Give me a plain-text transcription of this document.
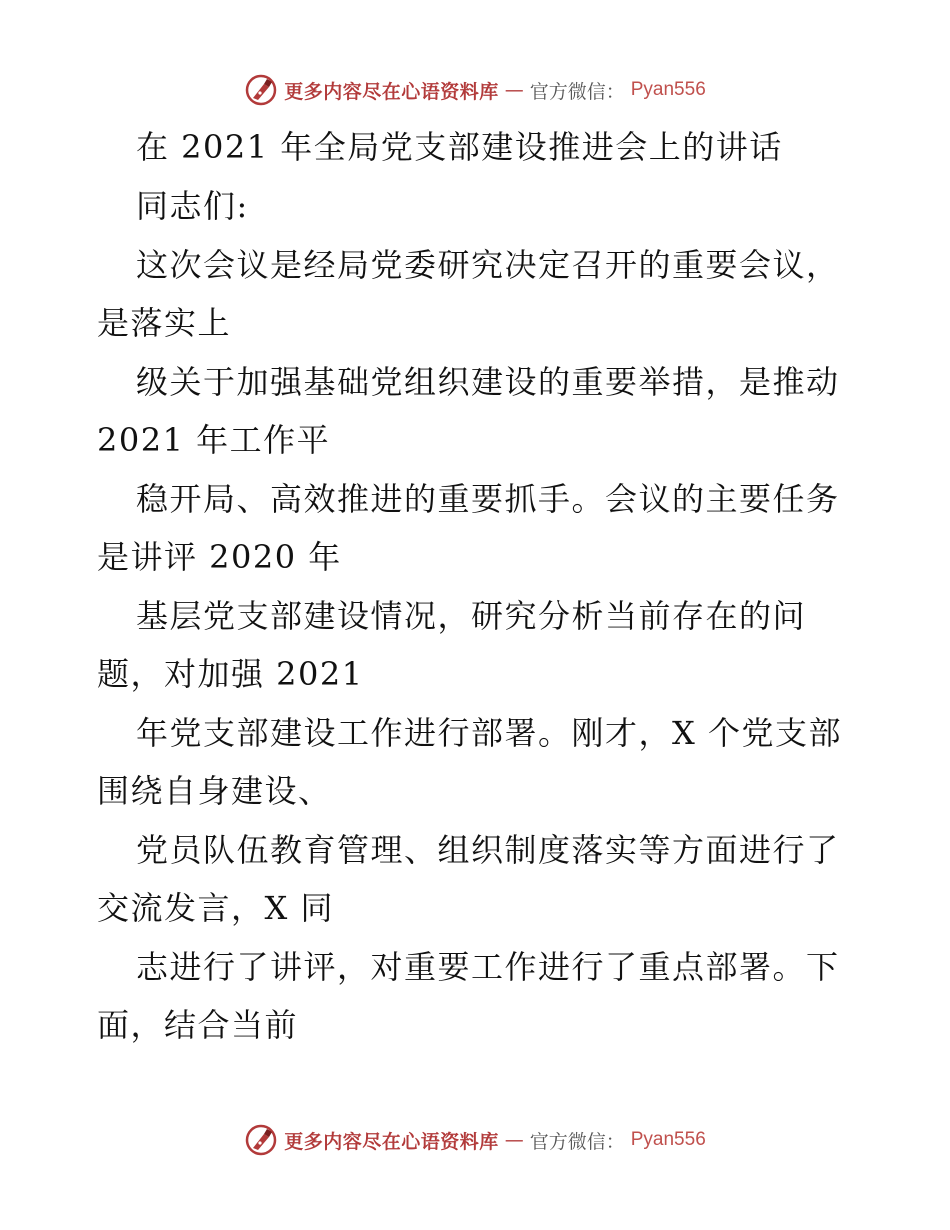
更多内容尽在心语资料库 — 官方微信： Pyan556
在 2021 年全局党支部建设推进会上的讲话
同志们:
这次会议是经局党委研究决定召开的重要会议，
是落实上
级关于加强基础党组织建设的重要举措，是推动
2021 年工作平
稳开局、高效推进的重要抓手。会议的主要任务
是讲评 2020 年
基层党支部建设情况，研究分析当前存在的问
题，对加强 2021
年党支部建设工作进行部署。刚才，X 个党支部
围绕自身建设、
党员队伍教育管理、组织制度落实等方面进行了
交流发言，X 同
志进行了讲评，对重要工作进行了重点部署。下
面，结合当前
更多内容尽在心语资料库 — 官方微信： Pyan556
